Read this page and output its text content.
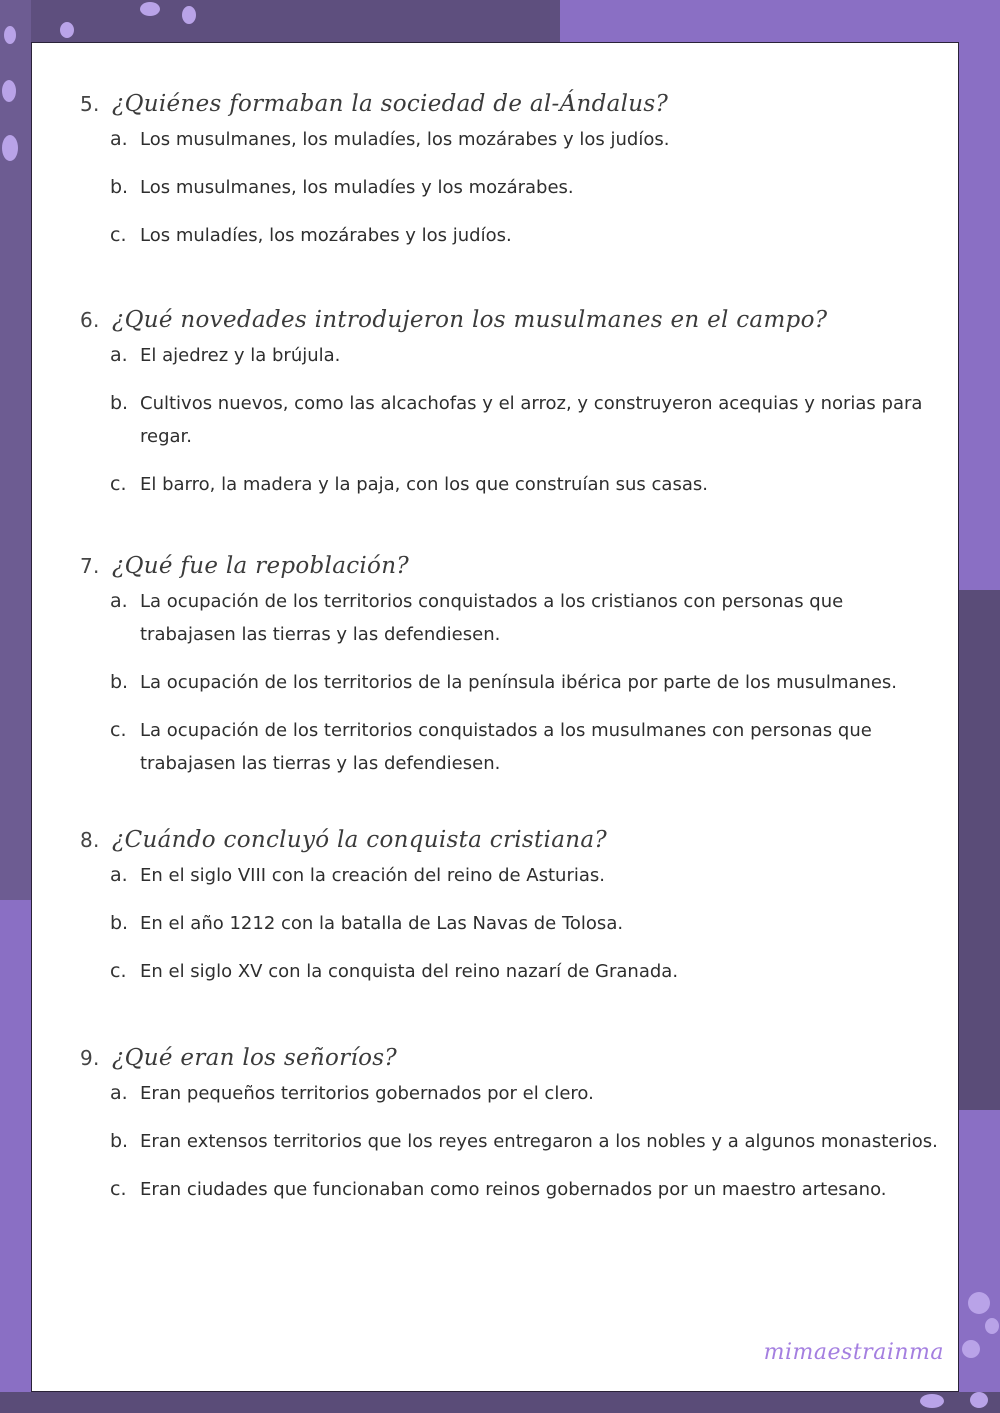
5. ¿Quiénes formaban la sociedad de al-Ándalus?
a. Los musulmanes, los muladíes, los mozárabes y los judíos.
b. Los musulmanes, los muladíes y los mozárabes.
c. Los muladíes, los mozárabes y los judíos.
6. ¿Qué novedades introdujeron los musulmanes en el campo?
a. El ajedrez y la brújula.
b. Cultivos nuevos, como las alcachofas y el arroz, y construyeron acequias y norias para regar.
c. El barro, la madera y la paja, con los que construían sus casas.
7. ¿Qué fue la repoblación?
a. La ocupación de los territorios conquistados a los cristianos con personas que trabajasen las tierras y las defendiesen.
b. La ocupación de los territorios de la península ibérica por parte de los musulmanes.
c. La ocupación de los territorios conquistados a los musulmanes con personas que trabajasen las tierras y las defendiesen.
8. ¿Cuándo concluyó la conquista cristiana?
a. En el siglo VIII con la creación del reino de Asturias.
b. En el año 1212 con la batalla de Las Navas de Tolosa.
c. En el siglo XV con la conquista del reino nazarí de Granada.
9. ¿Qué eran los señoríos?
a. Eran pequeños territorios gobernados por el clero.
b. Eran extensos territorios que los reyes entregaron a los nobles y a algunos monasterios.
c. Eran ciudades que funcionaban como reinos gobernados por un maestro artesano.
mimaestrainma
